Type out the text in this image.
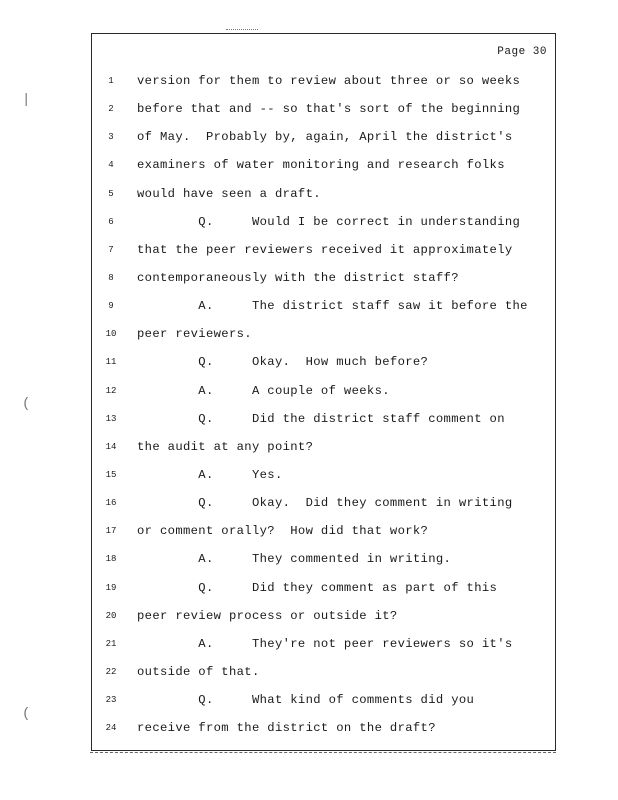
Page 30
1	version for them to review about three or so weeks
2	before that and -- so that's sort of the beginning
3	of May.  Probably by, again, April the district's
4	examiners of water monitoring and research folks
5	would have seen a draft.
6	Q.     Would I be correct in understanding
7	that the peer reviewers received it approximately
8	contemporaneously with the district staff?
9	A.     The district staff saw it before the
10	peer reviewers.
11	Q.     Okay.  How much before?
12	A.     A couple of weeks.
13	Q.     Did the district staff comment on
14	the audit at any point?
15	A.     Yes.
16	Q.     Okay.  Did they comment in writing
17	or comment orally?  How did that work?
18	A.     They commented in writing.
19	Q.     Did they comment as part of this
20	peer review process or outside it?
21	A.     They're not peer reviewers so it's
22	outside of that.
23	Q.     What kind of comments did you
24	receive from the district on the draft?
|
(
(
